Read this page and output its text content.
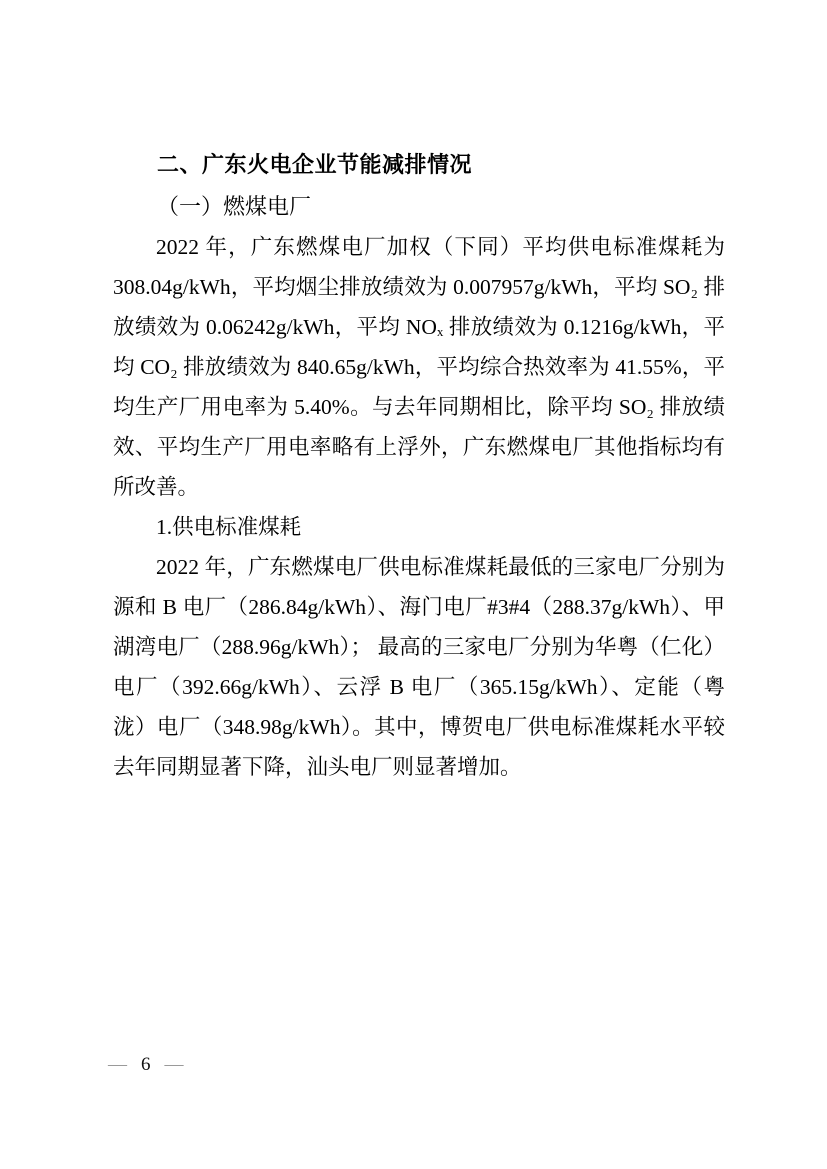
二、广东火电企业节能减排情况
（一）燃煤电厂

2022 年，广东燃煤电厂加权（下同）平均供电标准煤耗为 308.04g/kWh，平均烟尘排放绩效为 0.007957g/kWh，平均 SO₂ 排放绩效为 0.06242g/kWh，平均 NOₓ 排放绩效为 0.1216g/kWh，平均 CO₂ 排放绩效为 840.65g/kWh，平均综合热效率为 41.55%，平均生产厂用电率为 5.40%。与去年同期相比，除平均 SO₂ 排放绩效、平均生产厂用电率略有上浮外，广东燃煤电厂其他指标均有所改善。

1.供电标准煤耗

2022 年，广东燃煤电厂供电标准煤耗最低的三家电厂分别为源和 B 电厂（286.84g/kWh）、海门电厂#3#4（288.37g/kWh）、甲湖湾电厂（288.96g/kWh）； 最高的三家电厂分别为华粤（仁化）电厂（392.66g/kWh）、云浮 B 电厂（365.15g/kWh）、定能（粤泷）电厂（348.98g/kWh）。其中，博贺电厂供电标准煤耗水平较去年同期显著下降，汕头电厂则显著增加。

— 6 —
